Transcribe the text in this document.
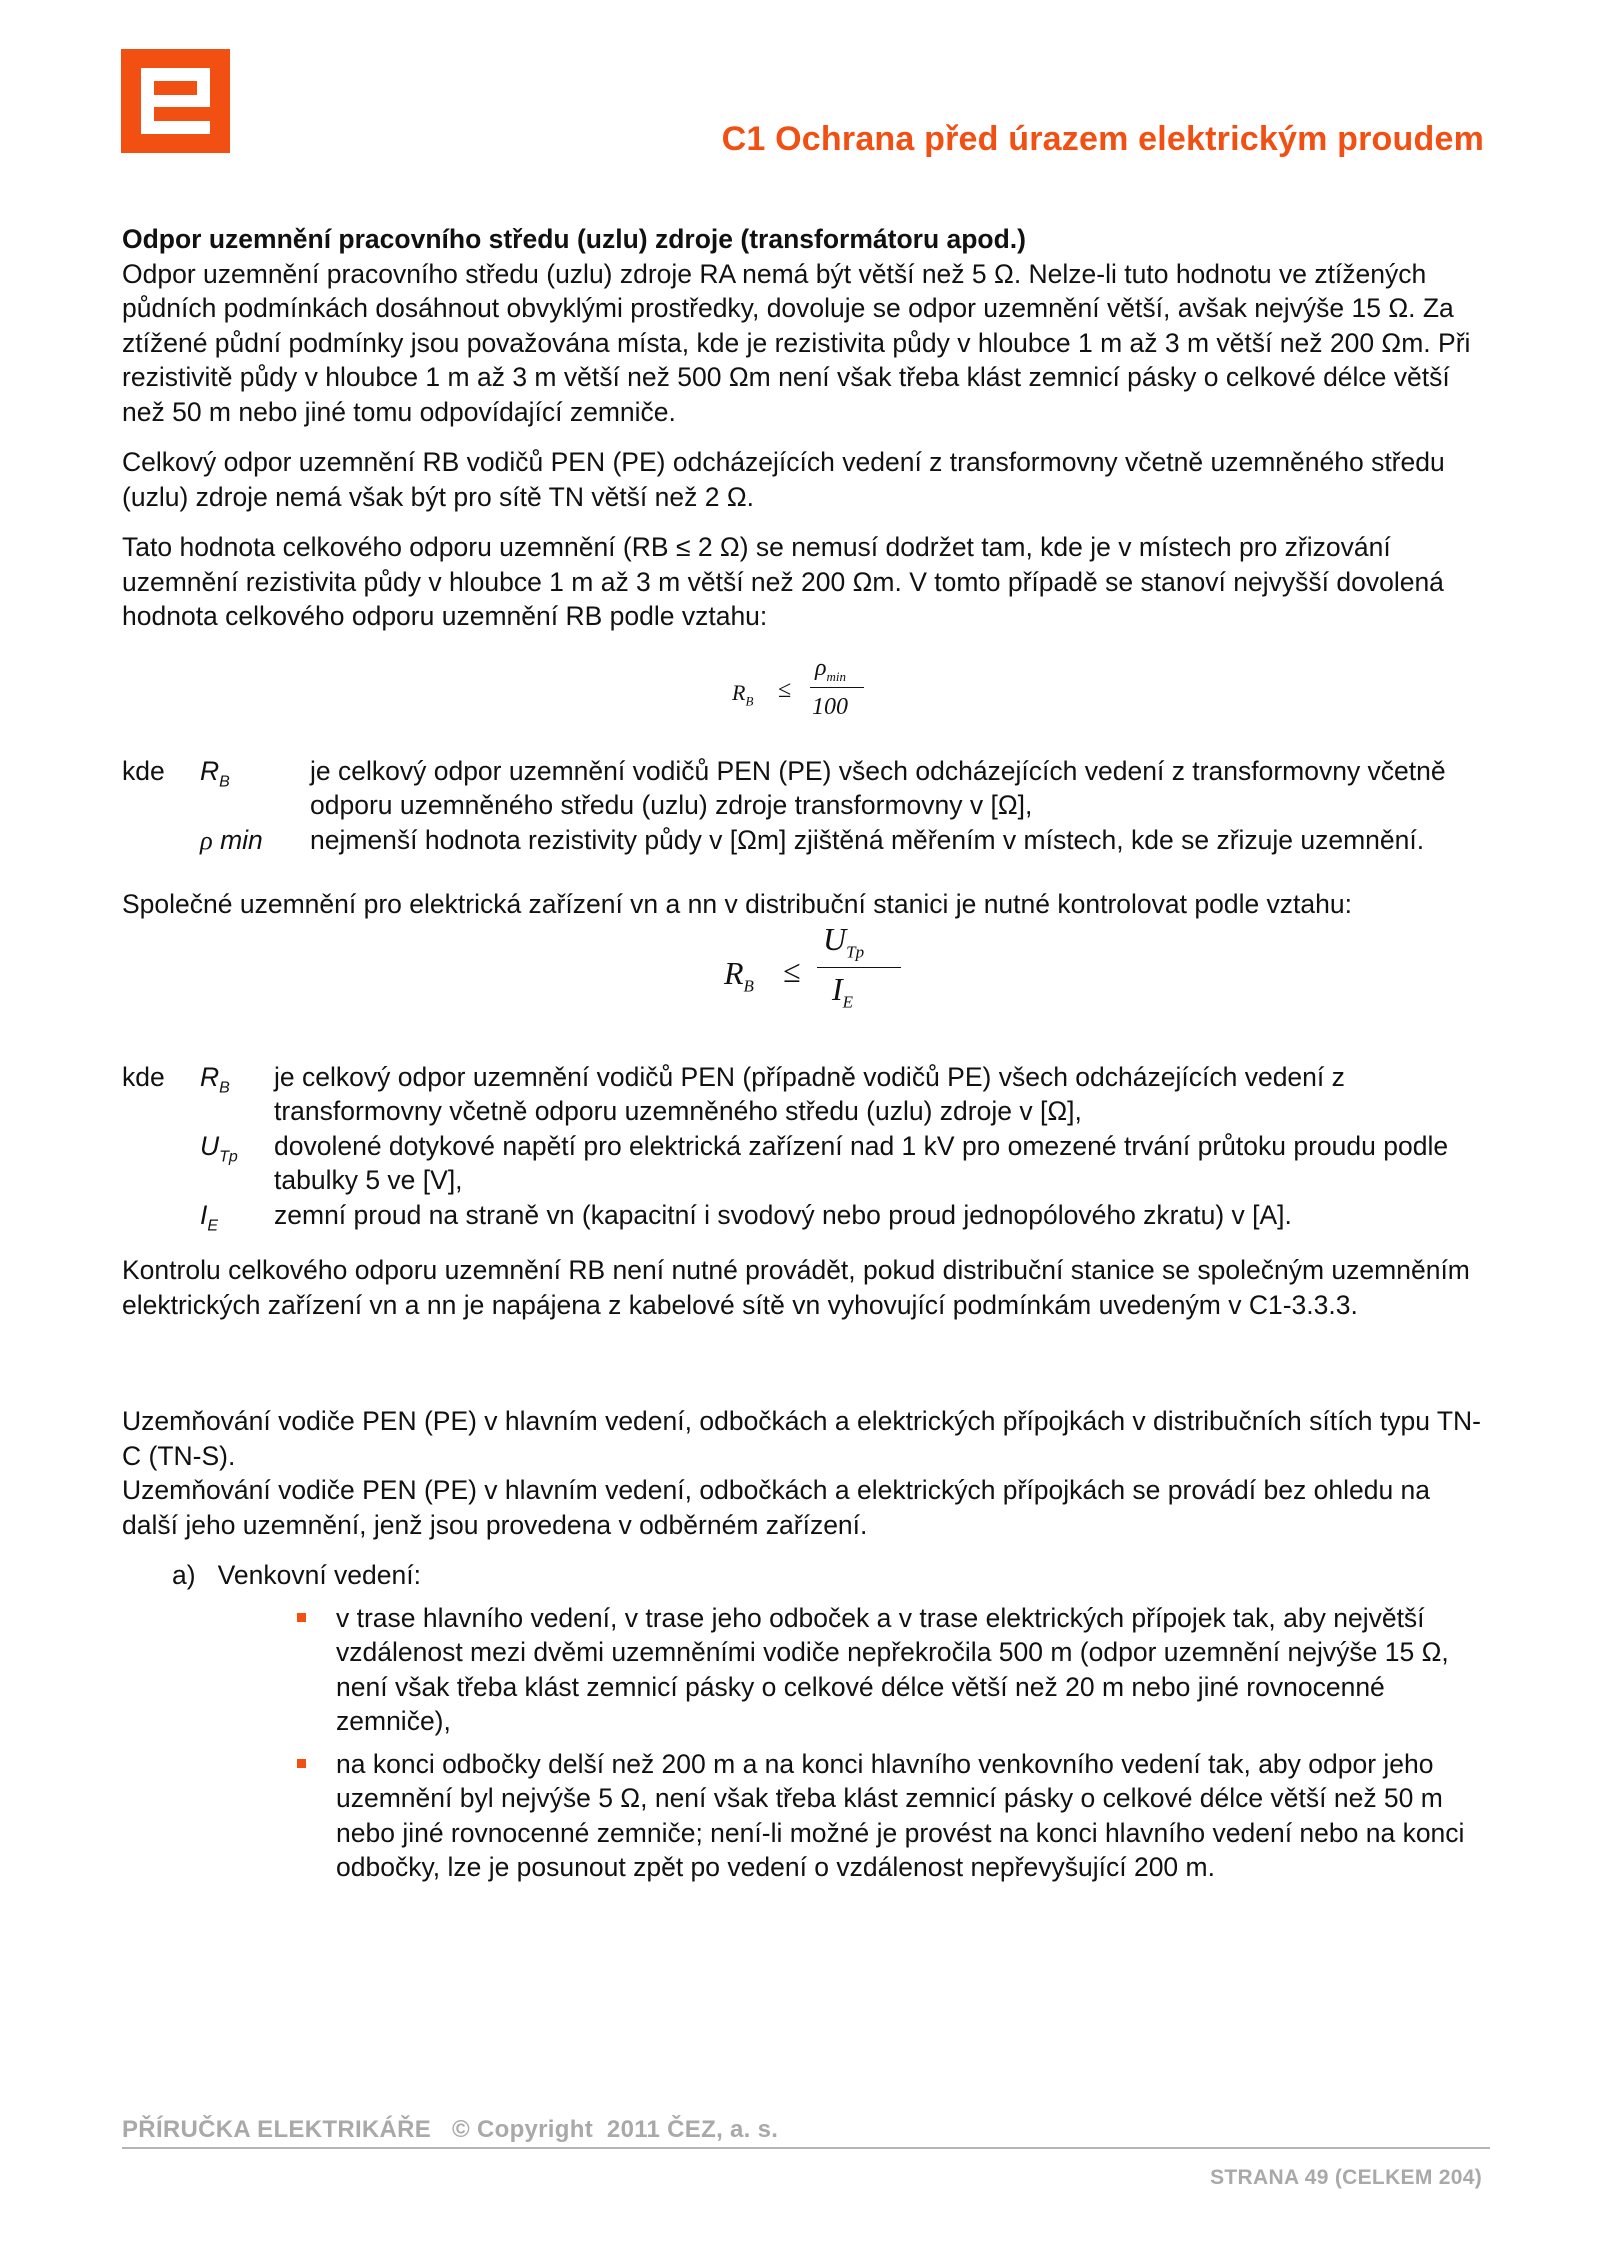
C1 Ochrana před úrazem elektrickým proudem

Odpor uzemnění pracovního středu (uzlu) zdroje (transformátoru apod.)

Odpor uzemnění pracovního středu (uzlu) zdroje RA nemá být větší než 5 Ω. Nelze-li tuto hodnotu ve ztížených půdních podmínkách dosáhnout obvyklými prostředky, dovoluje se odpor uzemnění větší, avšak nejvýše 15 Ω. Za ztížené půdní podmínky jsou považována místa, kde je rezistivita půdy v hloubce 1 m až 3 m větší než 200 Ωm. Při rezistivitě půdy v hloubce 1 m až 3 m větší než 500 Ωm není však třeba klást zemnicí pásky o celkové délce větší než 50 m nebo jiné tomu odpovídající zemniče.

Celkový odpor uzemnění RB vodičů PEN (PE) odcházejících vedení z transformovny včetně uzemněného středu (uzlu) zdroje nemá však být pro sítě TN větší než 2 Ω.

Tato hodnota celkového odporu uzemnění (RB ≤ 2 Ω) se nemusí dodržet tam, kde je v místech pro zřizování uzemnění rezistivita půdy v hloubce 1 m až 3 m větší než 200 Ωm. V tomto případě se stanoví nejvyšší dovolená hodnota celkového odporu uzemnění RB podle vztahu:

$R_B$ ≤
$\rho_{min}$
100
kde	$R_B$	je celkový odpor uzemnění vodičů PEN (PE) všech odcházejících vedení z transformovny včetně odporu uzemněného středu (uzlu) zdroje transformovny v [Ω],
ρ min	nejmenší hodnota rezistivity půdy v [Ωm] zjištěná měřením v místech, kde se zřizuje uzemnění.

Společné uzemnění pro elektrická zařízení vn a nn v distribuční stanici je nutné kontrolovat podle vztahu:

$R_B$ ≤
$U_{Tp}$
$I_E$
kde	$R_B$	je celkový odpor uzemnění vodičů PEN (případně vodičů PE) všech odcházejících vedení z transformovny včetně odporu uzemněného středu (uzlu) zdroje v [Ω],
$U_{Tp}$	dovolené dotykové napětí pro elektrická zařízení nad 1 kV pro omezené trvání průtoku proudu podle tabulky 5 ve [V],
$I_E$	zemní proud na straně vn (kapacitní i svodový nebo proud jednopólového zkratu) v [A].

Kontrolu celkového odporu uzemnění RB není nutné provádět, pokud distribuční stanice se společným uzemněním elektrických zařízení vn a nn je napájena z kabelové sítě vn vyhovující podmínkám uvedeným v C1-3.3.3.

Uzemňování vodiče PEN (PE) v hlavním vedení, odbočkách a elektrických přípojkách v distribučních sítích typu TN-C (TN-S).

Uzemňování vodiče PEN (PE) v hlavním vedení, odbočkách a elektrických přípojkách se provádí bez ohledu na další jeho uzemnění, jenž jsou provedena v odběrném zařízení.

a) Venkovní vedení:
v trase hlavního vedení, v trase jeho odboček a v trase elektrických přípojek tak, aby největší vzdálenost mezi dvěmi uzemněními vodiče nepřekročila 500 m (odpor uzemnění nejvýše 15 Ω, není však třeba klást zemnicí pásky o celkové délce větší než 20 m nebo jiné rovnocenné zemniče),
na konci odbočky delší než 200 m a na konci hlavního venkovního vedení tak, aby odpor jeho uzemnění byl nejvýše 5 Ω, není však třeba klást zemnicí pásky o celkové délce větší než 50 m nebo jiné rovnocenné zemniče; není-li možné je provést na konci hlavního vedení nebo na konci odbočky, lze je posunout zpět po vedení o vzdálenost nepřevyšující 200 m.
PŘÍRUČKA ELEKTRIKÁŘE   © Copyright  2011 ČEZ, a. s.
STRANA 49 (CELKEM 204)
